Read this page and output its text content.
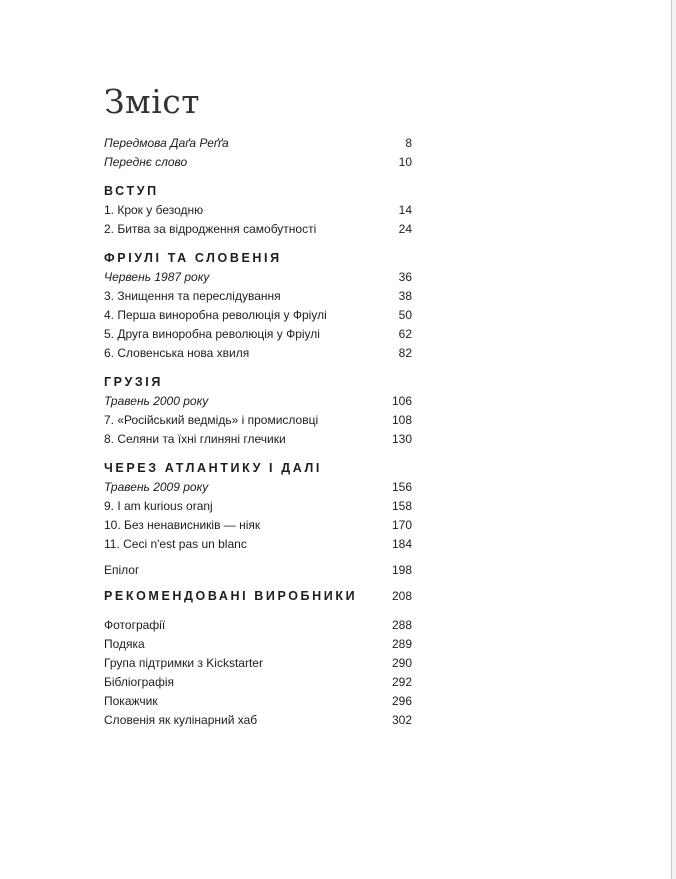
Зміст
Передмова Даґа Реґґа	8
Переднє слово	10
ВСТУП
1. Крок у безодню	14
2. Битва за відродження самобутності	24
ФРІУЛІ ТА СЛОВЕНІЯ
Червень 1987 року	36
3. Знищення та переслідування	38
4. Перша винoробна революція у Фріулі	50
5. Друга винoробна революція у Фріулі	62
6. Словенська нова хвиля	82
ГРУЗІЯ
Травень 2000 року	106
7. «Російський ведмідь» і промисловці	108
8. Селяни та їхні глиняні глечики	130
ЧЕРЕЗ АТЛАНТИКУ І ДАЛІ
Травень 2009 року	156
9. I am kurious oranj	158
10. Без ненависників — ніяк	170
11. Ceci n'est pas un blanc	184
Епілог	198
РЕКОМЕНДОВАНІ ВИРОБНИКИ	208
Фотографії	288
Подяка	289
Група підтримки з Kickstarter	290
Бібліографія	292
Покажчик	296
Словенія як кулінарний хаб	302
